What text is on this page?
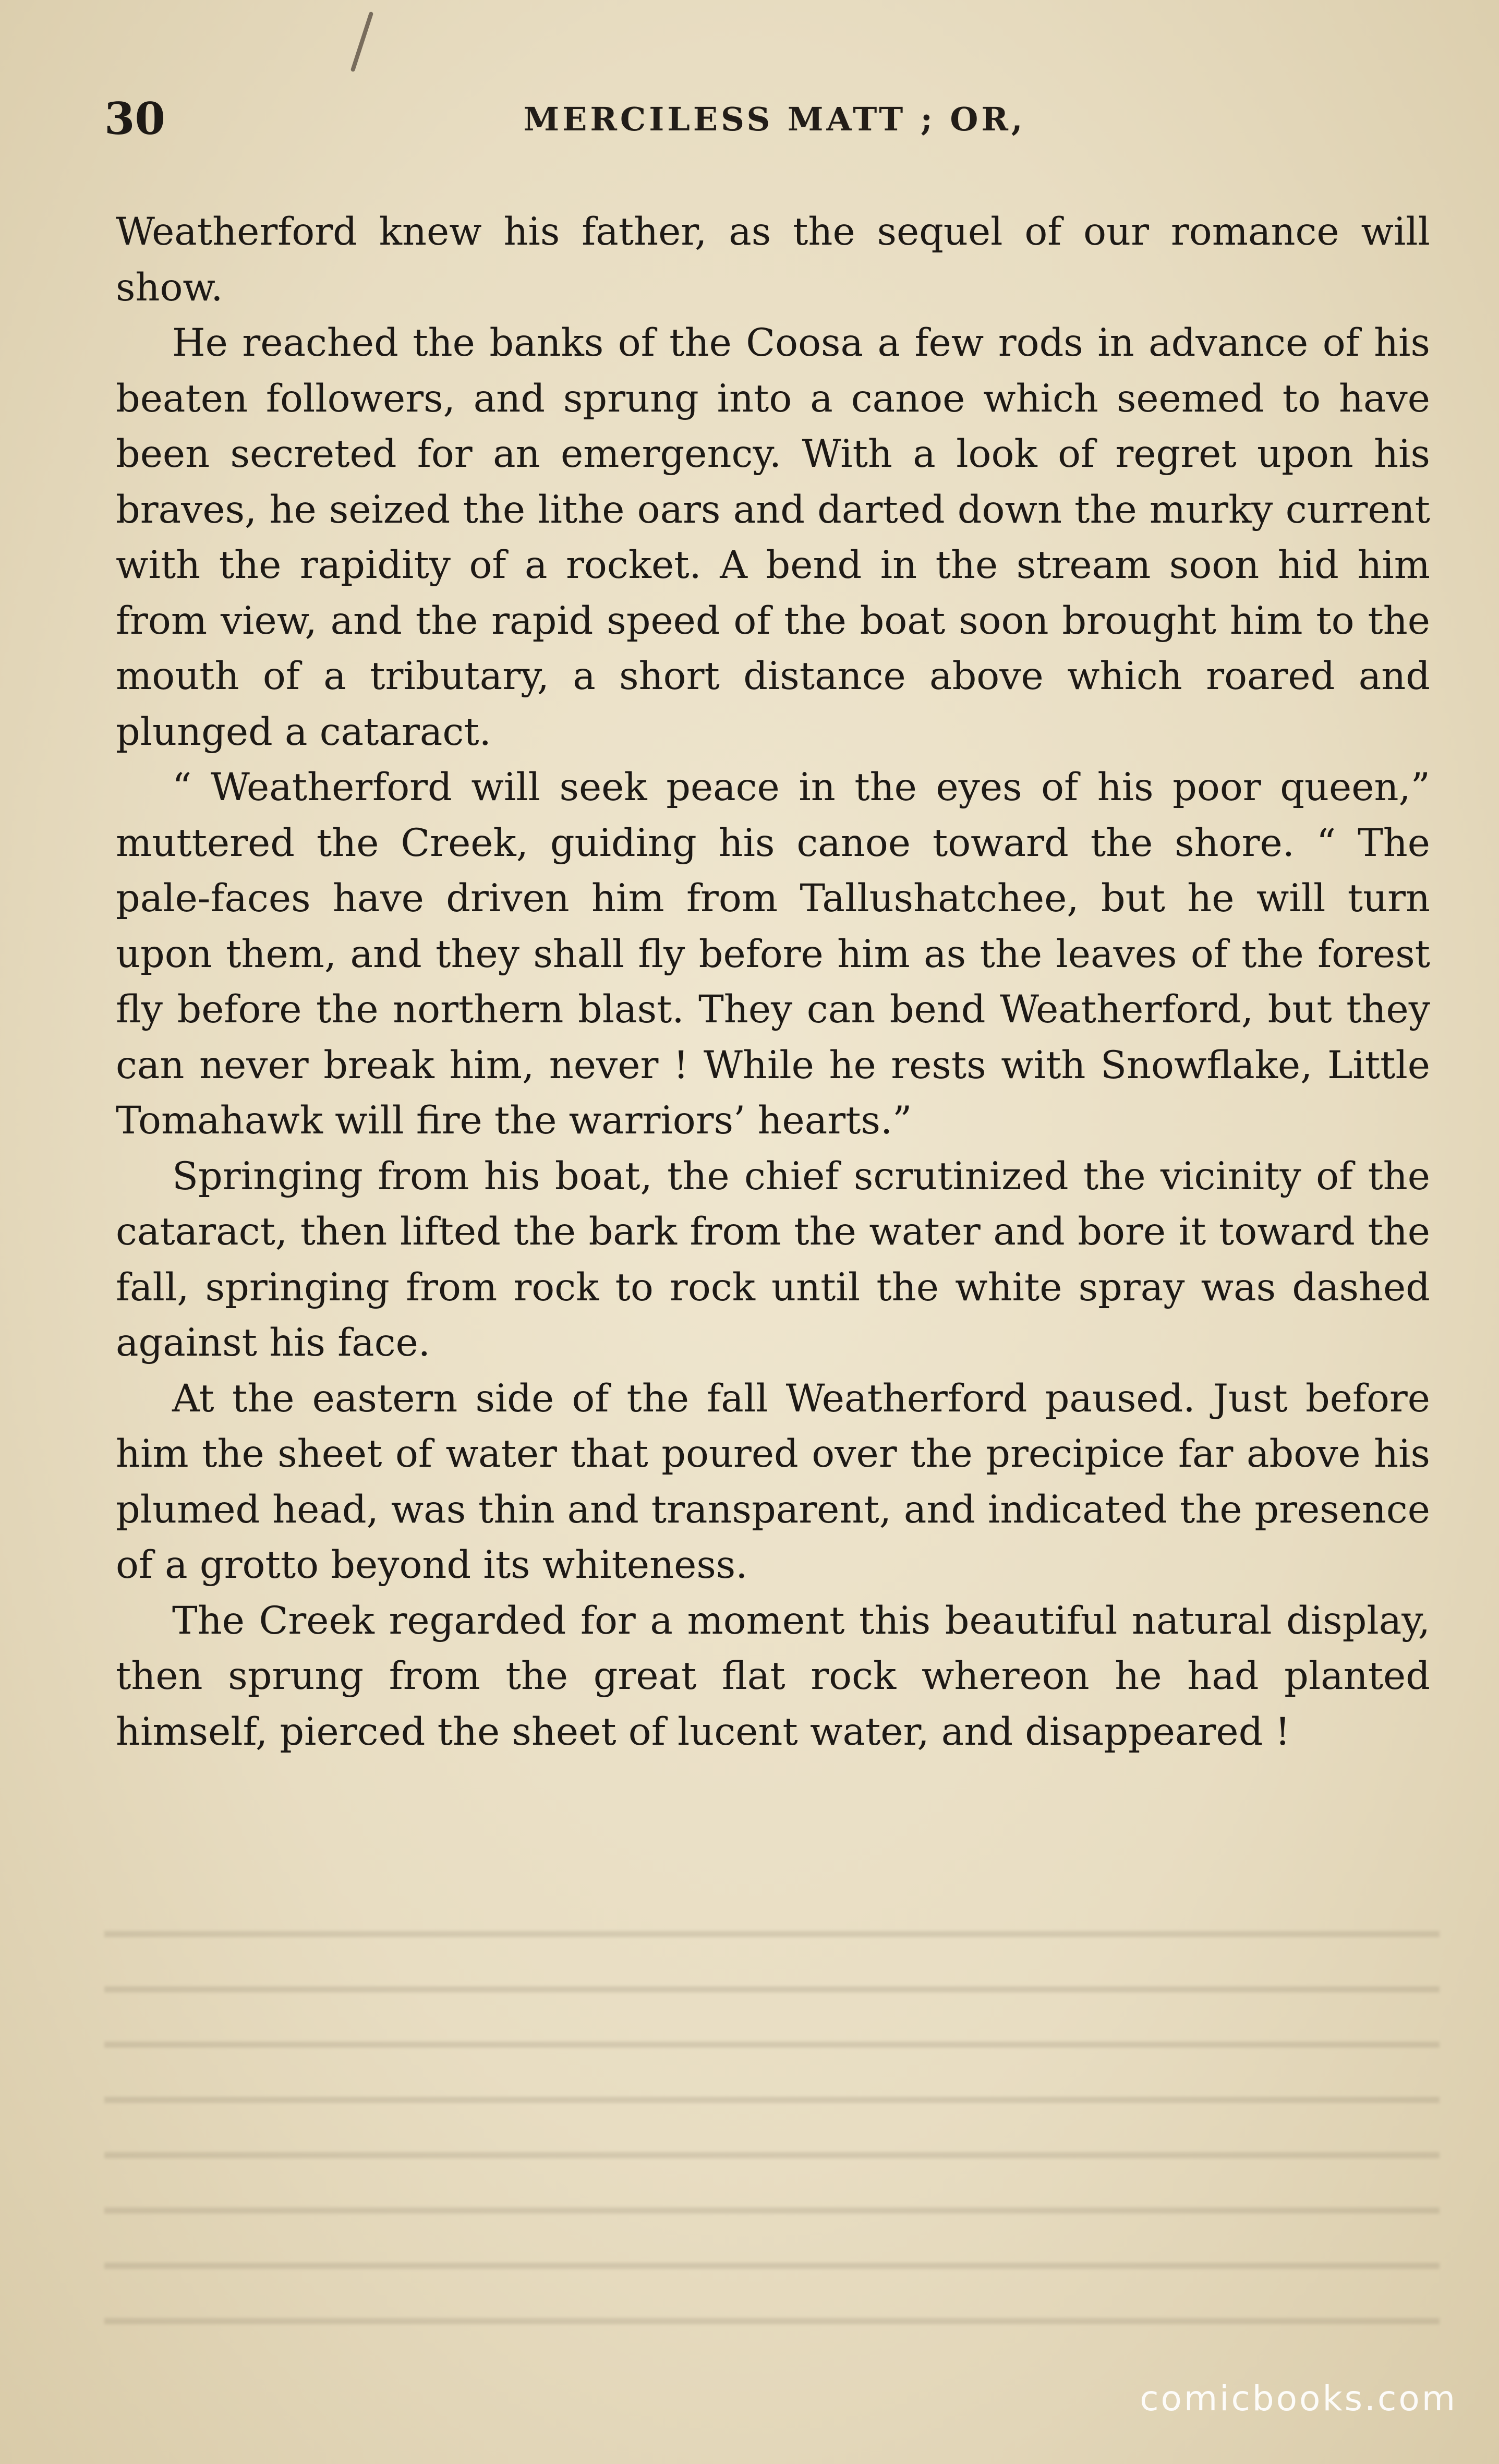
30	MERCILESS MATT ; OR,

Weatherford knew his father, as the sequel of our romance will show.

He reached the banks of the Coosa a few rods in advance of his beaten followers, and sprung into a canoe which seemed to have been secreted for an emergency. With a look of regret upon his braves, he seized the lithe oars and darted down the murky current with the rapidity of a rocket. A bend in the stream soon hid him from view, and the rapid speed of the boat soon brought him to the mouth of a tributary, a short distance above which roared and plunged a cataract.

“ Weatherford will seek peace in the eyes of his poor queen,” muttered the Creek, guiding his canoe toward the shore. “ The pale-faces have driven him from Tallushatchee, but he will turn upon them, and they shall fly before him as the leaves of the forest fly before the northern blast. They can bend Weatherford, but they can never break him, never ! While he rests with Snowflake, Little Tomahawk will fire the warriors’ hearts.”

Springing from his boat, the chief scrutinized the vicinity of the cataract, then lifted the bark from the water and bore it toward the fall, springing from rock to rock until the white spray was dashed against his face.

At the eastern side of the fall Weatherford paused. Just before him the sheet of water that poured over the precipice far above his plumed head, was thin and transparent, and indicated the presence of a grotto beyond its whiteness.

The Creek regarded for a moment this beautiful natural display, then sprung from the great flat rock whereon he had planted himself, pierced the sheet of lucent water, and disappeared !

comicbooks.com
